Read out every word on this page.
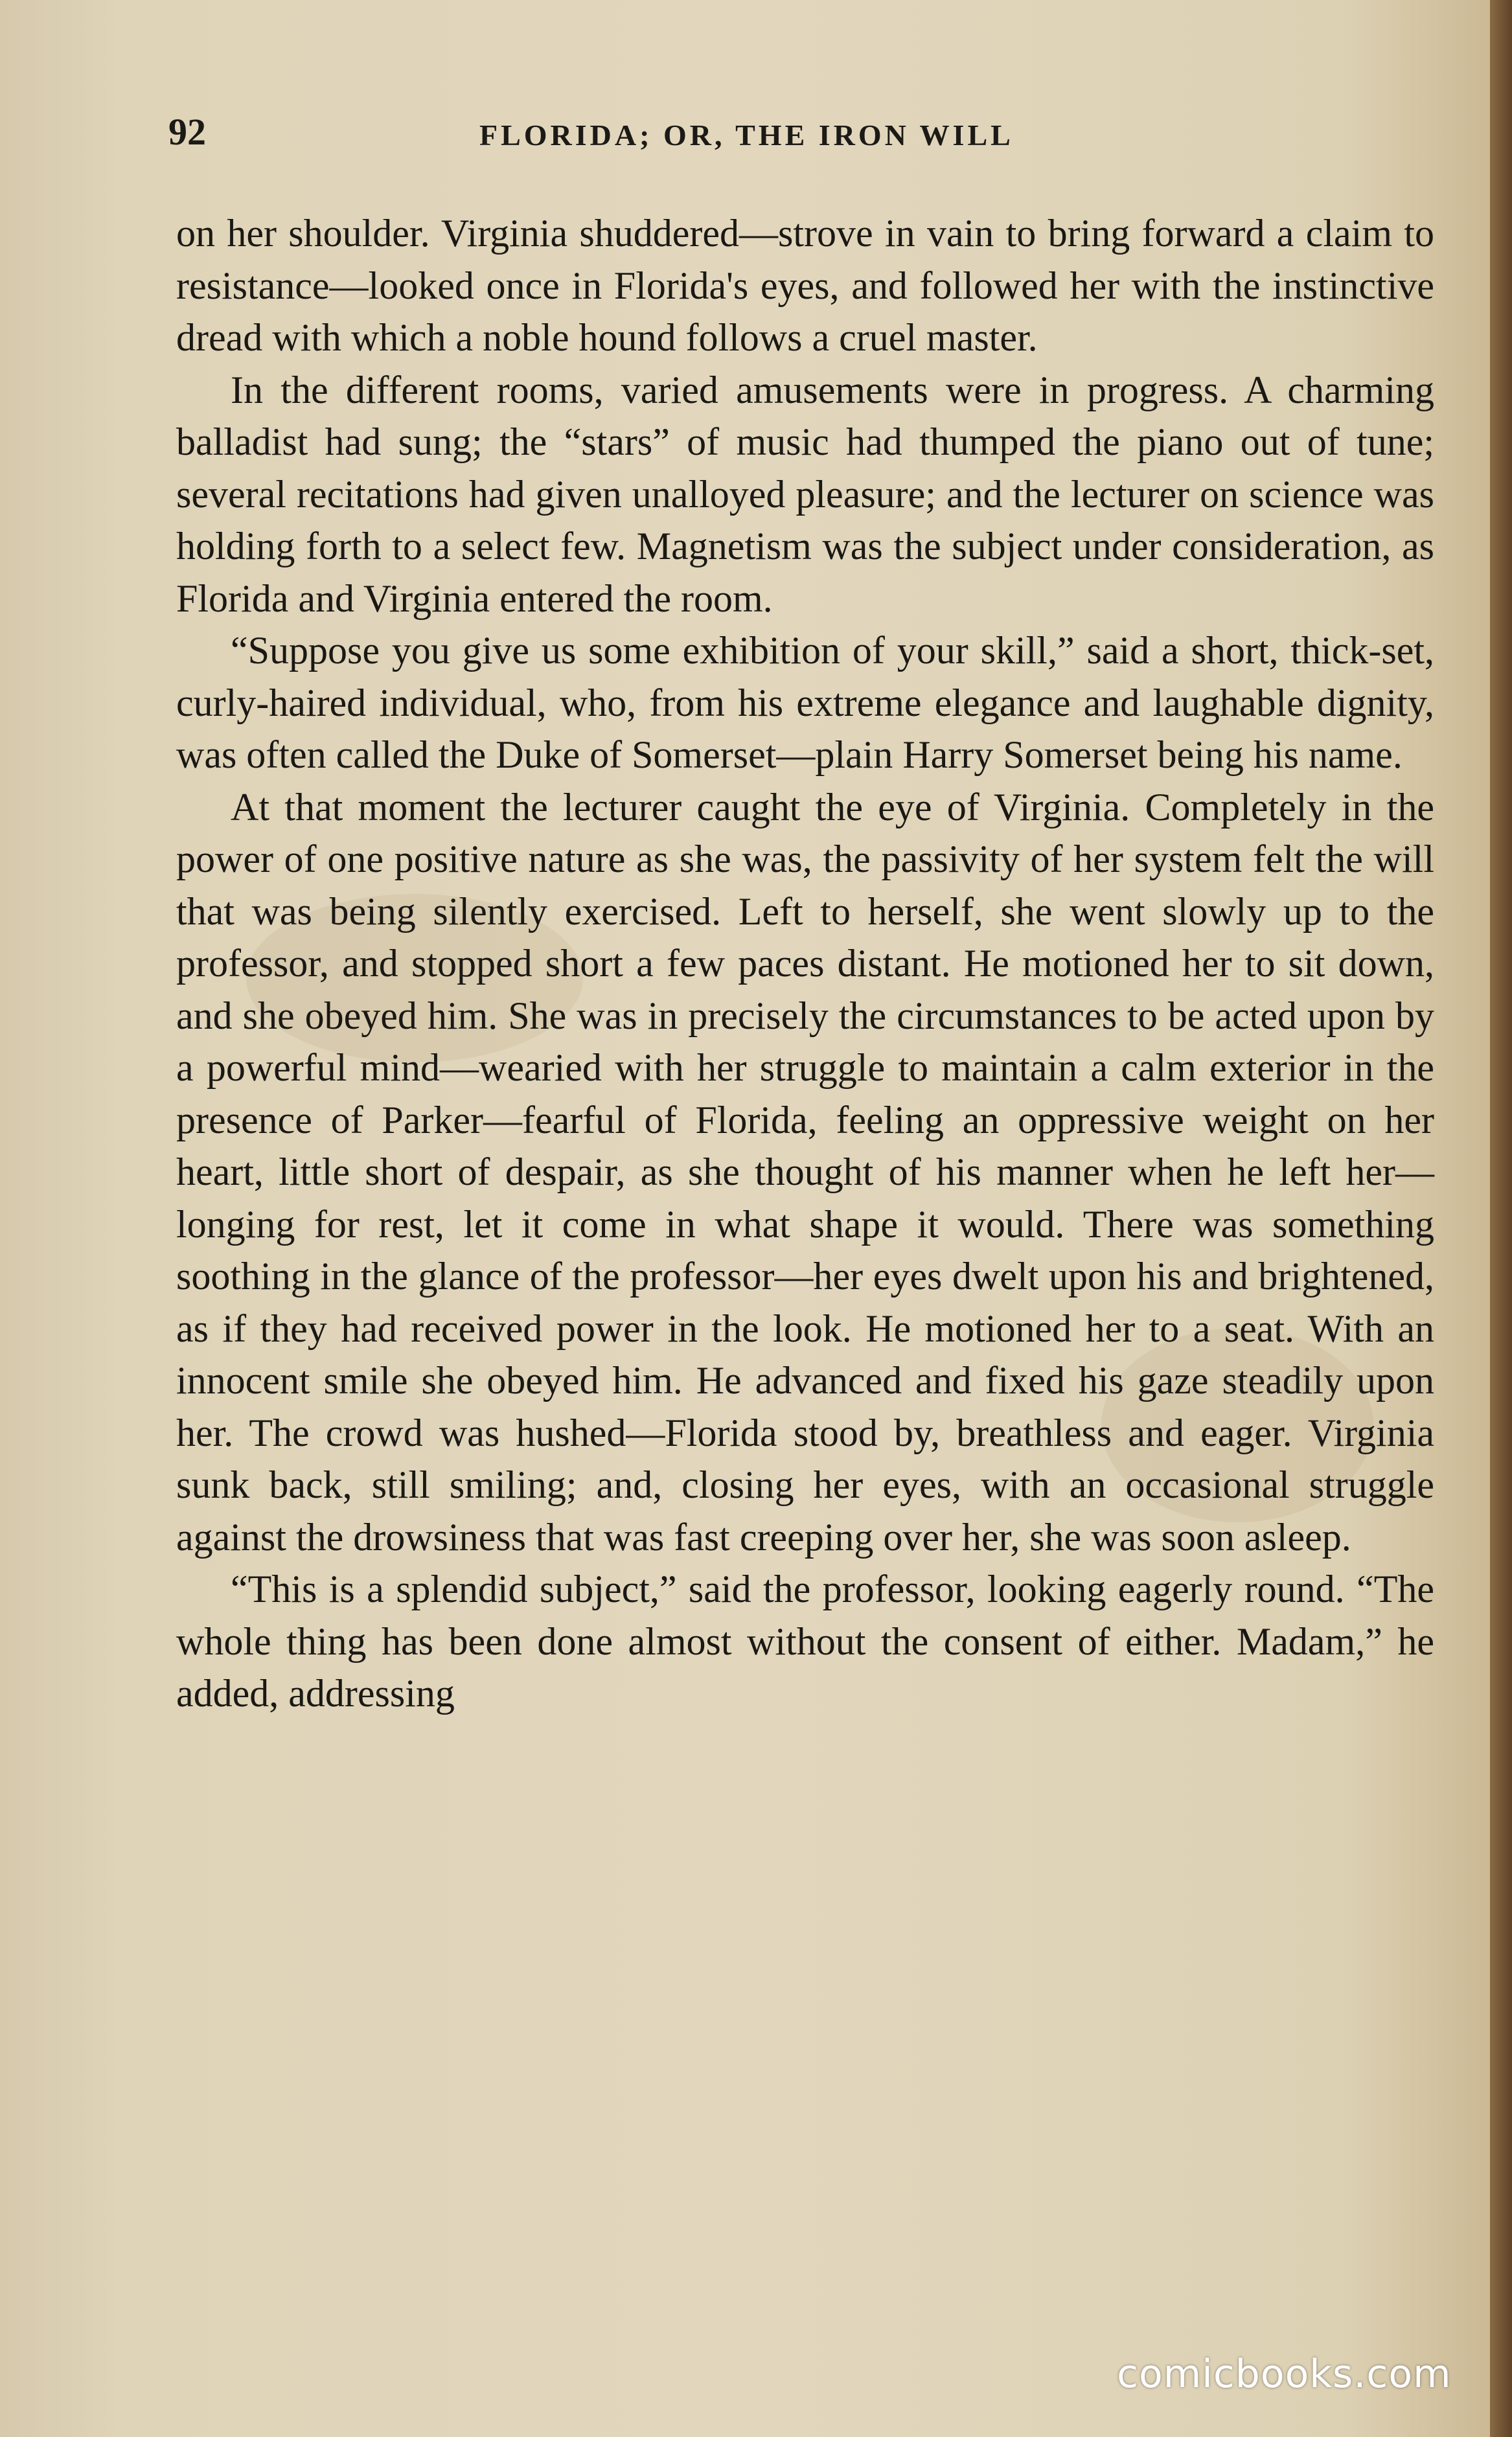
92	FLORIDA; OR, THE IRON WILL

on her shoulder. Virginia shuddered—strove in vain to bring forward a claim to resistance—looked once in Florida's eyes, and followed her with the instinctive dread with which a noble hound follows a cruel master.

In the different rooms, varied amusements were in progress. A charming balladist had sung; the “stars” of music had thumped the piano out of tune; several recitations had given unalloyed pleasure; and the lecturer on science was holding forth to a select few. Magnetism was the subject under consideration, as Florida and Virginia entered the room.

“Suppose you give us some exhibition of your skill,” said a short, thick-set, curly-haired individual, who, from his extreme elegance and laughable dignity, was often called the Duke of Somerset—plain Harry Somerset being his name.

At that moment the lecturer caught the eye of Virginia. Completely in the power of one positive nature as she was, the passivity of her system felt the will that was being silently exercised. Left to herself, she went slowly up to the professor, and stopped short a few paces distant. He motioned her to sit down, and she obeyed him. She was in precisely the circumstances to be acted upon by a powerful mind—wearied with her struggle to maintain a calm exterior in the presence of Parker—fearful of Florida, feeling an oppressive weight on her heart, little short of despair, as she thought of his manner when he left her—longing for rest, let it come in what shape it would. There was something soothing in the glance of the professor—her eyes dwelt upon his and brightened, as if they had received power in the look. He motioned her to a seat. With an innocent smile she obeyed him. He advanced and fixed his gaze steadily upon her. The crowd was hushed—Florida stood by, breathless and eager. Virginia sunk back, still smiling; and, closing her eyes, with an occasional struggle against the drowsiness that was fast creeping over her, she was soon asleep.

“This is a splendid subject,” said the professor, looking eagerly round. “The whole thing has been done almost without the consent of either. Madam,” he added, addressing

comicbooks.com
